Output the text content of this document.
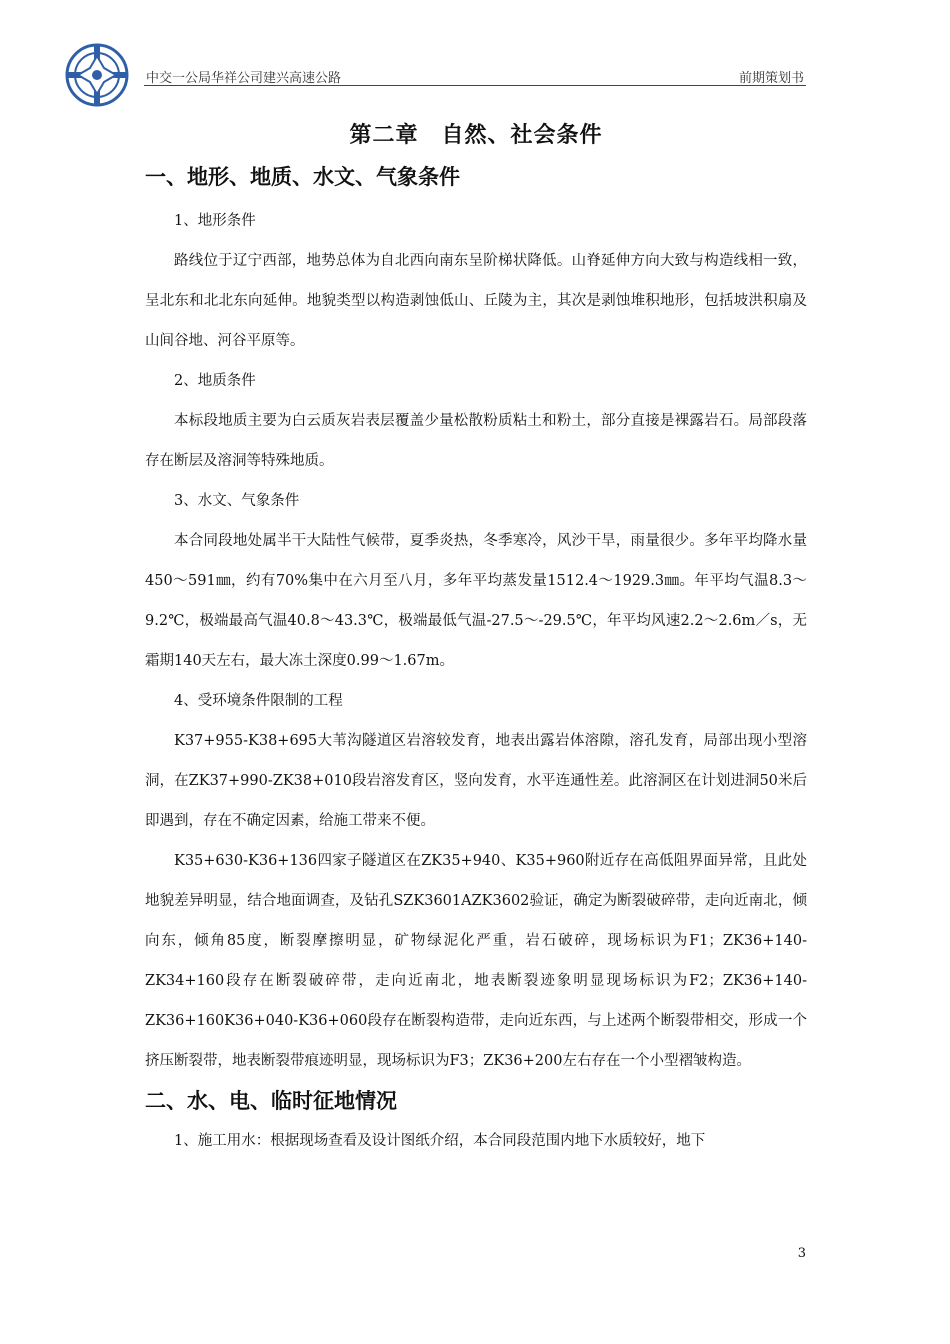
中交一公局华祥公司建兴高速公路	前期策划书
第二章　自然、社会条件
一、地形、地质、水文、气象条件

1、地形条件

路线位于辽宁西部，地势总体为自北西向南东呈阶梯状降低。山脊延伸方向大致与构造线相一致，呈北东和北北东向延伸。地貌类型以构造剥蚀低山、丘陵为主，其次是剥蚀堆积地形，包括坡洪积扇及山间谷地、河谷平原等。

2、地质条件

本标段地质主要为白云质灰岩表层覆盖少量松散粉质粘土和粉土，部分直接是裸露岩石。局部段落存在断层及溶洞等特殊地质。

3、水文、气象条件

本合同段地处属半干大陆性气候带，夏季炎热，冬季寒冷，风沙干旱，雨量很少。多年平均降水量450～591㎜，约有70%集中在六月至八月，多年平均蒸发量1512.4～1929.3㎜。年平均气温8.3～9.2℃，极端最高气温40.8～43.3℃，极端最低气温-27.5～-29.5℃，年平均风速2.2～2.6m／s，无霜期140天左右，最大冻土深度0.99～1.67m。

4、受环境条件限制的工程

K37+955-K38+695大苇沟隧道区岩溶较发育，地表出露岩体溶隙，溶孔发育，局部出现小型溶洞，在ZK37+990-ZK38+010段岩溶发育区，竖向发育，水平连通性差。此溶洞区在计划进洞50米后即遇到，存在不确定因素，给施工带来不便。

K35+630-K36+136四家子隧道区在ZK35+940、K35+960附近存在高低阻界面异常，且此处地貌差异明显，结合地面调查，及钻孔SZK3601AZK3602验证，确定为断裂破碎带，走向近南北，倾向东，倾角85度，断裂摩擦明显，矿物绿泥化严重，岩石破碎，现场标识为F1；ZK36+140-ZK34+160段存在断裂破碎带，走向近南北，地表断裂迹象明显现场标识为F2；ZK36+140-ZK36+160K36+040-K36+060段存在断裂构造带，走向近东西，与上述两个断裂带相交，形成一个挤压断裂带，地表断裂带痕迹明显，现场标识为F3；ZK36+200左右存在一个小型褶皱构造。

二、水、电、临时征地情况

1、施工用水：根据现场查看及设计图纸介绍，本合同段范围内地下水质较好，地下

3
